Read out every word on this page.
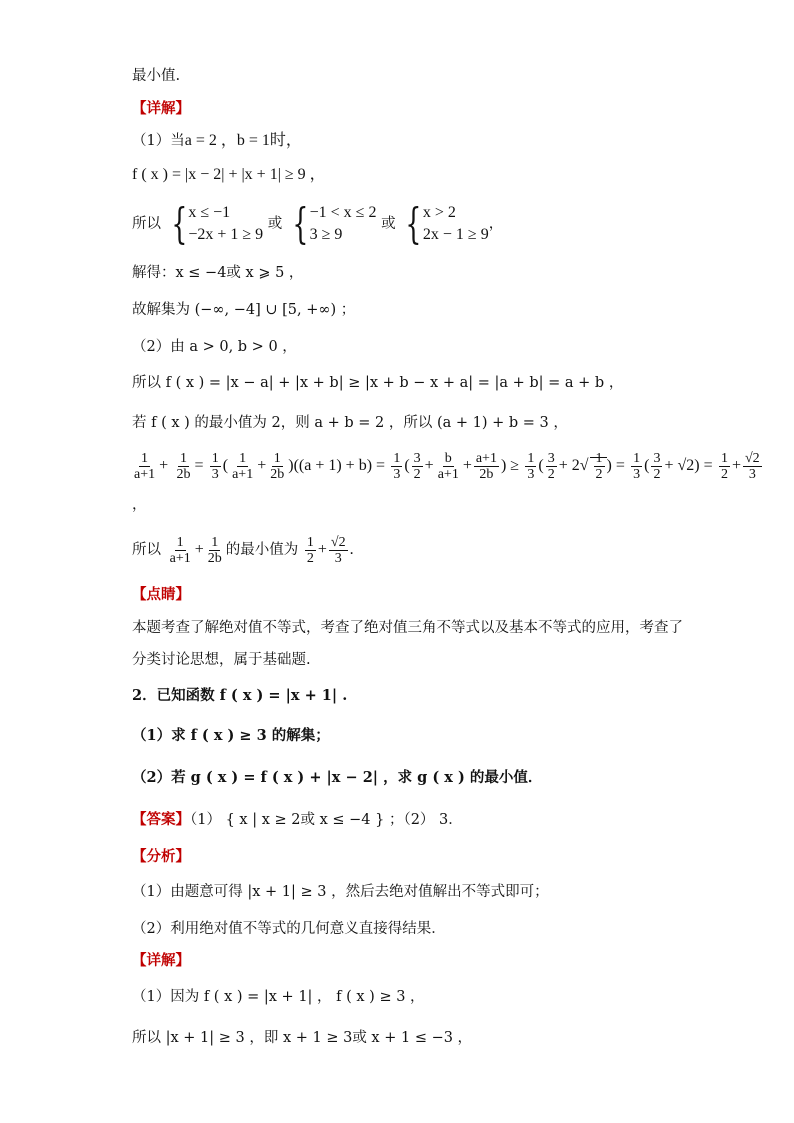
最小值.
【详解】
（1）当a = 2 ，b = 1时，
f ( x ) = |x − 2| + |x + 1| ≥ 9 ，
所以 { x ≤ −1
−2x + 1 ≥ 9
或 { −1 < x ≤ 2
3 ≥ 9
或 { x > 2
2x − 1 ≥ 9
，
解得：x ≤ −4或 x ⩾ 5 ，
故解集为 (−∞, −4] ∪ [5, +∞) ；
（2）由 a > 0, b > 0 ，
所以 f ( x ) = |x − a| + |x + b| ≥ |x + b − x + a| = |a + b| = a + b ，
若 f ( x ) 的最小值为 2，则 a + b = 2 ，所以 (a + 1) + b = 3 ，
$\frac{1}{a+1} + \frac{1}{2b} = \frac{1}{3}$ ( $\frac{1}{a+1} + \frac{1}{2b} )((a + 1) + b) = \frac{1}{3}$ ( $\frac{3}{2} + \frac{b}{a+1} + \frac{a+1}{2b}$ ) ≥ $\frac{1}{3}$ ( $\frac{3}{2} + 2√ \frac{1}{2}$ ) = $\frac{1}{3}$ ( $\frac{3}{2} + √2) = \frac{1}{2} + \frac{√2}{3}$
，
所以 $\frac{1}{a+1} + \frac{1}{2b}$ 的最小值为 $\frac{1}{2} + \frac{√2}{3}$ .
【点睛】
本题考查了解绝对值不等式，考查了绝对值三角不等式以及基本不等式的应用，考查了
分类讨论思想，属于基础题.
2．已知函数 f ( x ) = |x + 1| .
（1）求 f ( x ) ≥ 3 的解集；
（2）若 g ( x ) = f ( x ) + |x − 2| ，求 g ( x ) 的最小值．
【答案】（1） { x | x ≥ 2或 x ≤ −4 } ；（2） 3．
【分析】
（1）由题意可得 |x + 1| ≥ 3 ，然后去绝对值解出不等式即可；
（2）利用绝对值不等式的几何意义直接得结果．
【详解】
（1）因为 f ( x ) = |x + 1| ， f ( x ) ≥ 3 ，
所以 |x + 1| ≥ 3 ，即 x + 1 ≥ 3或 x + 1 ≤ −3 ，
